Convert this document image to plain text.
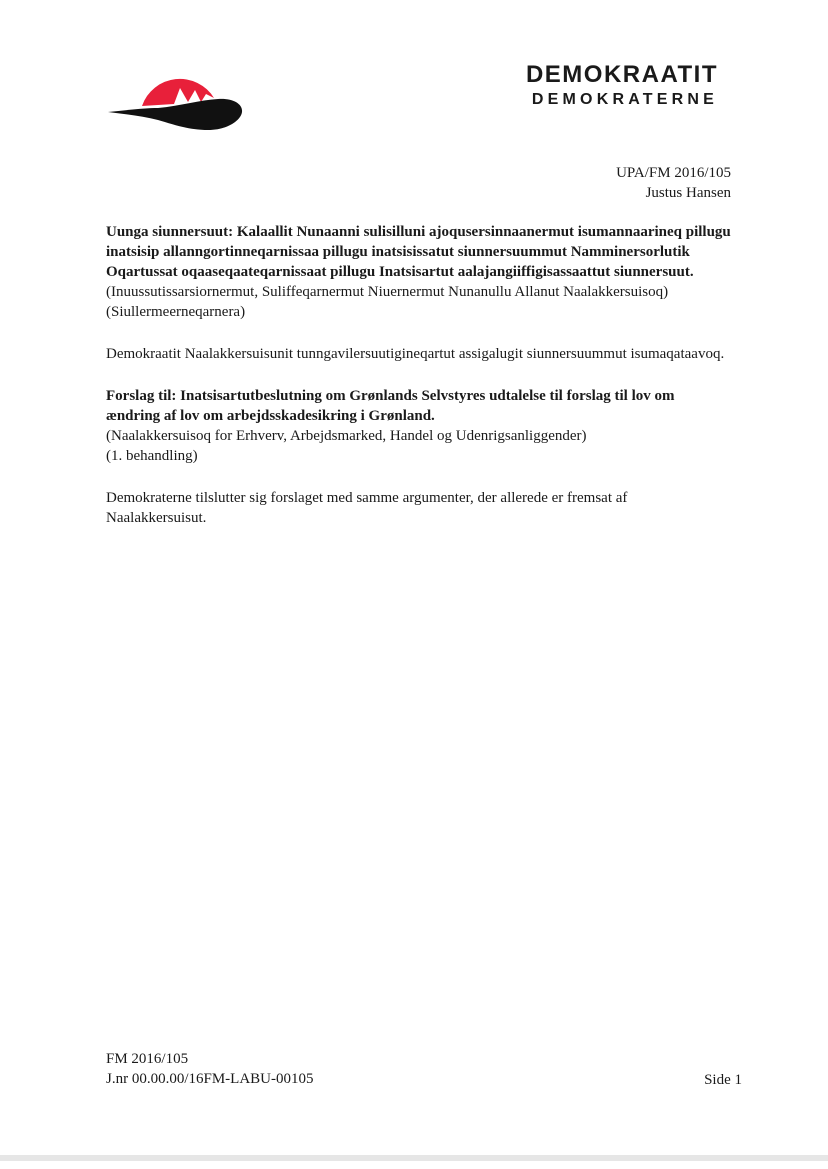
DEMOKRAATIT
DEMOKRATERNE
UPA/FM 2016/105
Justus Hansen

Uunga siunnersuut: Kalaallit Nunaanni sulisilluni ajoqusersinnaanermut isumannaarineq pillugu inatsisip allanngortinneqarnissaa pillugu inatsisissatut siunnersuummut Namminersorlutik Oqartussat oqaaseqaateqarnissaat pillugu Inatsisartut aalajangiiffigisassaattut siunnersuut.

(Inuussutissarsiornermut, Suliffeqarnermut Niuernermut Nunanullu Allanut Naalakkersuisoq)

(Siullermeerneqarnera)

Demokraatit Naalakkersuisunit tunngavilersuutigineqartut assigalugit siunnersuummut isumaqataavoq.

Forslag til: Inatsisartutbeslutning om Grønlands Selvstyres udtalelse til forslag til lov om ændring af lov om arbejdsskadesikring i Grønland.

(Naalakkersuisoq for Erhverv, Arbejdsmarked, Handel og Udenrigsanliggender)

(1. behandling)

Demokraterne tilslutter sig forslaget med samme argumenter, der allerede er fremsat af Naalakkersuisut.

FM 2016/105
J.nr 00.00.00/16FM-LABU-00105	Side 1
